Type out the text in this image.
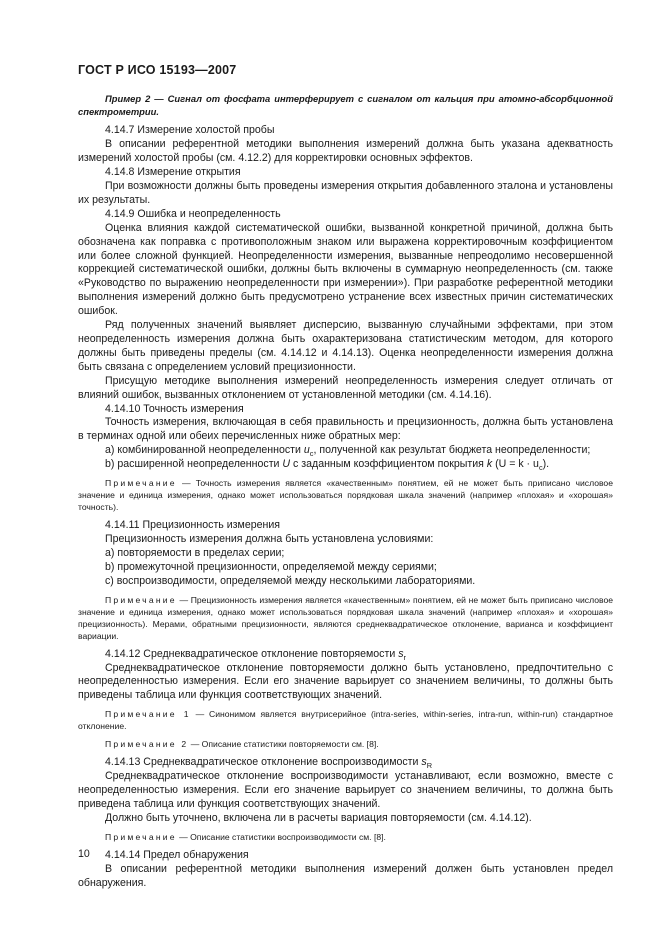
ГОСТ Р ИСО 15193—2007

Пример 2 — Сигнал от фосфата интерферирует с сигналом от кальция при атомно-абсорбционной спектрометрии.

4.14.7 Измерение холостой пробы

В описании референтной методики выполнения измерений должна быть указана адекватность измерений холостой пробы (см. 4.12.2) для корректировки основных эффектов.

4.14.8 Измерение открытия

При возможности должны быть проведены измерения открытия добавленного эталона и установлены их результаты.

4.14.9 Ошибка и неопределенность

Оценка влияния каждой систематической ошибки, вызванной конкретной причиной, должна быть обозначена как поправка с противоположным знаком или выражена корректировочным коэффициентом или более сложной функцией. Неопределенности измерения, вызванные непреодолимо несовершенной коррекцией систематической ошибки, должны быть включены в суммарную неопределенность (см. также «Руководство по выражению неопределенности при измерении»). При разработке референтной методики выполнения измерений должно быть предусмотрено устранение всех известных причин систематических ошибок.

Ряд полученных значений выявляет дисперсию, вызванную случайными эффектами, при этом неопределенность измерения должна быть охарактеризована статистическим методом, для которого должны быть приведены пределы (см. 4.14.12 и 4.14.13). Оценка неопределенности измерения должна быть связана с определением условий прецизионности.

Присущую методике выполнения измерений неопределенность измерения следует отличать от влияний ошибок, вызванных отклонением от установленной методики (см. 4.14.16).

4.14.10 Точность измерения

Точность измерения, включающая в себя правильность и прецизионность, должна быть установлена в терминах одной или обеих перечисленных ниже обратных мер:

a) комбинированной неопределенности $u_c$, полученной как результат бюджета неопределенности;

b) расширенной неопределенности U с заданным коэффициентом покрытия k $(U = k \cdot u_c)$.

Примечание — Точность измерения является «качественным» понятием, ей не может быть приписано числовое значение и единица измерения, однако может использоваться порядковая шкала значений (например «плохая» и «хорошая» точность).

4.14.11 Прецизионность измерения

Прецизионность измерения должна быть установлена условиями:

a) повторяемости в пределах серии;

b) промежуточной прецизионности, определяемой между сериями;

c) воспроизводимости, определяемой между несколькими лабораториями.

Примечание — Прецизионность измерения является «качественным» понятием, ей не может быть приписано числовое значение и единица измерения, однако может использоваться порядковая шкала значений (например «плохая» и «хорошая» прецизионность). Мерами, обратными прецизионности, являются среднеквадратическое отклонение, варианса и коэффициент вариации.

4.14.12 Среднеквадратическое отклонение повторяемости $s_r$

Среднеквадратическое отклонение повторяемости должно быть установлено, предпочтительно с неопределенностью измерения. Если его значение варьирует со значением величины, то должны быть приведены таблица или функция соответствующих значений.

Примечание 1 — Синонимом является внутрисерийное (intra-series, within-series, intra-run, within-run) стандартное отклонение.

Примечание 2 — Описание статистики повторяемости см. [8].

4.14.13 Среднеквадратическое отклонение воспроизводимости $s_R$

Среднеквадратическое отклонение воспроизводимости устанавливают, если возможно, вместе с неопределенностью измерения. Если его значение варьирует со значением величины, то должна быть приведена таблица или функция соответствующих значений.

Должно быть уточнено, включена ли в расчеты вариация повторяемости (см. 4.14.12).

Примечание — Описание статистики воспроизводимости см. [8].

4.14.14 Предел обнаружения

В описании референтной методики выполнения измерений должен быть установлен предел обнаружения.

10
